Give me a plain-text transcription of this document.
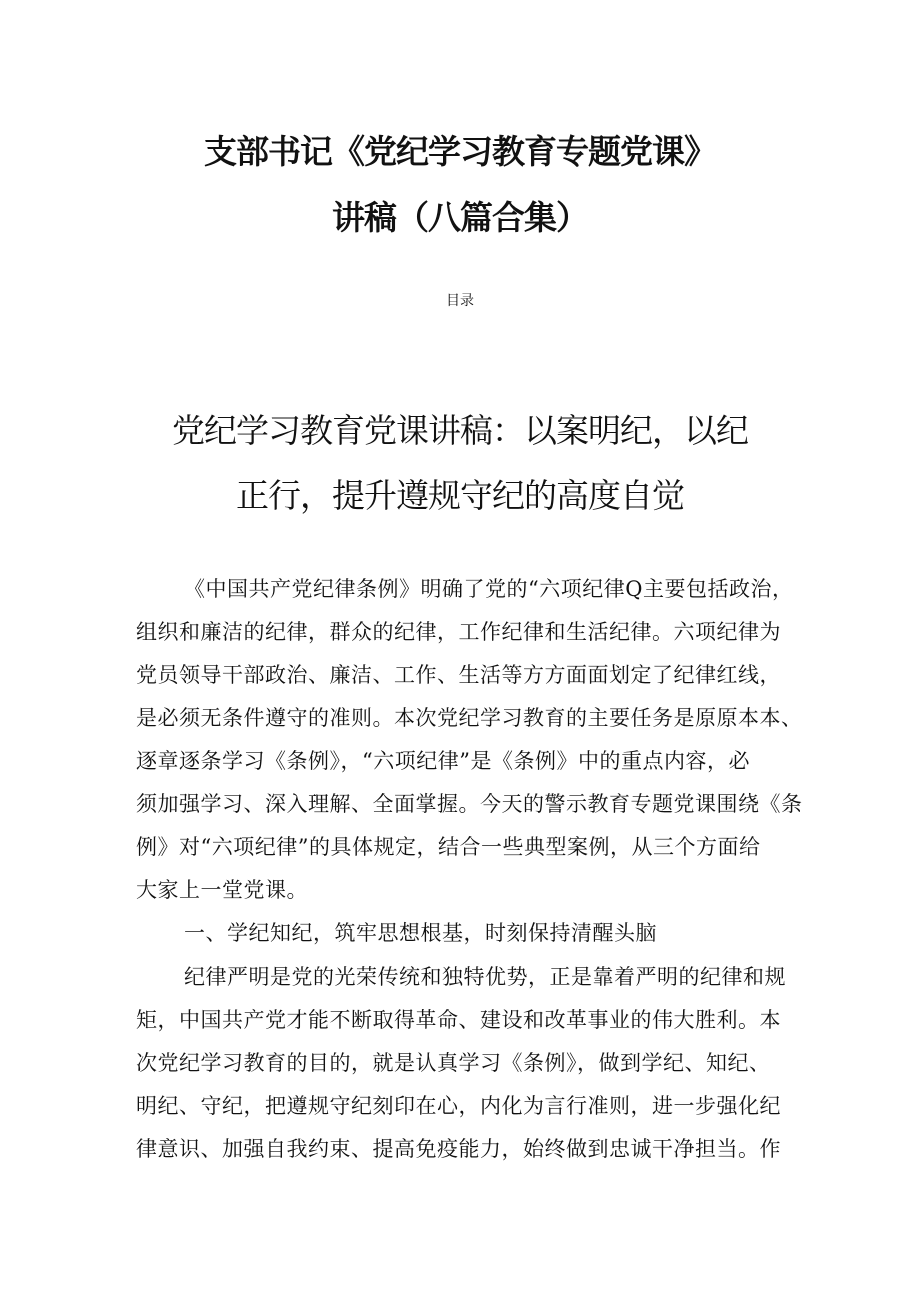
支部书记《党纪学习教育专题党课》
讲稿（八篇合集）
目录
党纪学习教育党课讲稿：以案明纪，以纪
正行，提升遵规守纪的高度自觉
《中国共产党纪律条例》明确了党的“六项纪律Q主要包括政治，
组织和廉洁的纪律，群众的纪律，工作纪律和生活纪律。六项纪律为
党员领导干部政治、廉洁、工作、生活等方方面面划定了纪律红线，
是必须无条件遵守的准则。本次党纪学习教育的主要任务是原原本本、
逐章逐条学习《条例》，“六项纪律”是《条例》中的重点内容，必
须加强学习、深入理解、全面掌握。今天的警示教育专题党课围绕《条
例》对“六项纪律”的具体规定，结合一些典型案例，从三个方面给
大家上一堂党课。
一、学纪知纪，筑牢思想根基，时刻保持清醒头脑
纪律严明是党的光荣传统和独特优势，正是靠着严明的纪律和规
矩，中国共产党才能不断取得革命、建设和改革事业的伟大胜利。本
次党纪学习教育的目的，就是认真学习《条例》，做到学纪、知纪、
明纪、守纪，把遵规守纪刻印在心，内化为言行准则，进一步强化纪
律意识、加强自我约束、提高免疫能力，始终做到忠诚干净担当。作
